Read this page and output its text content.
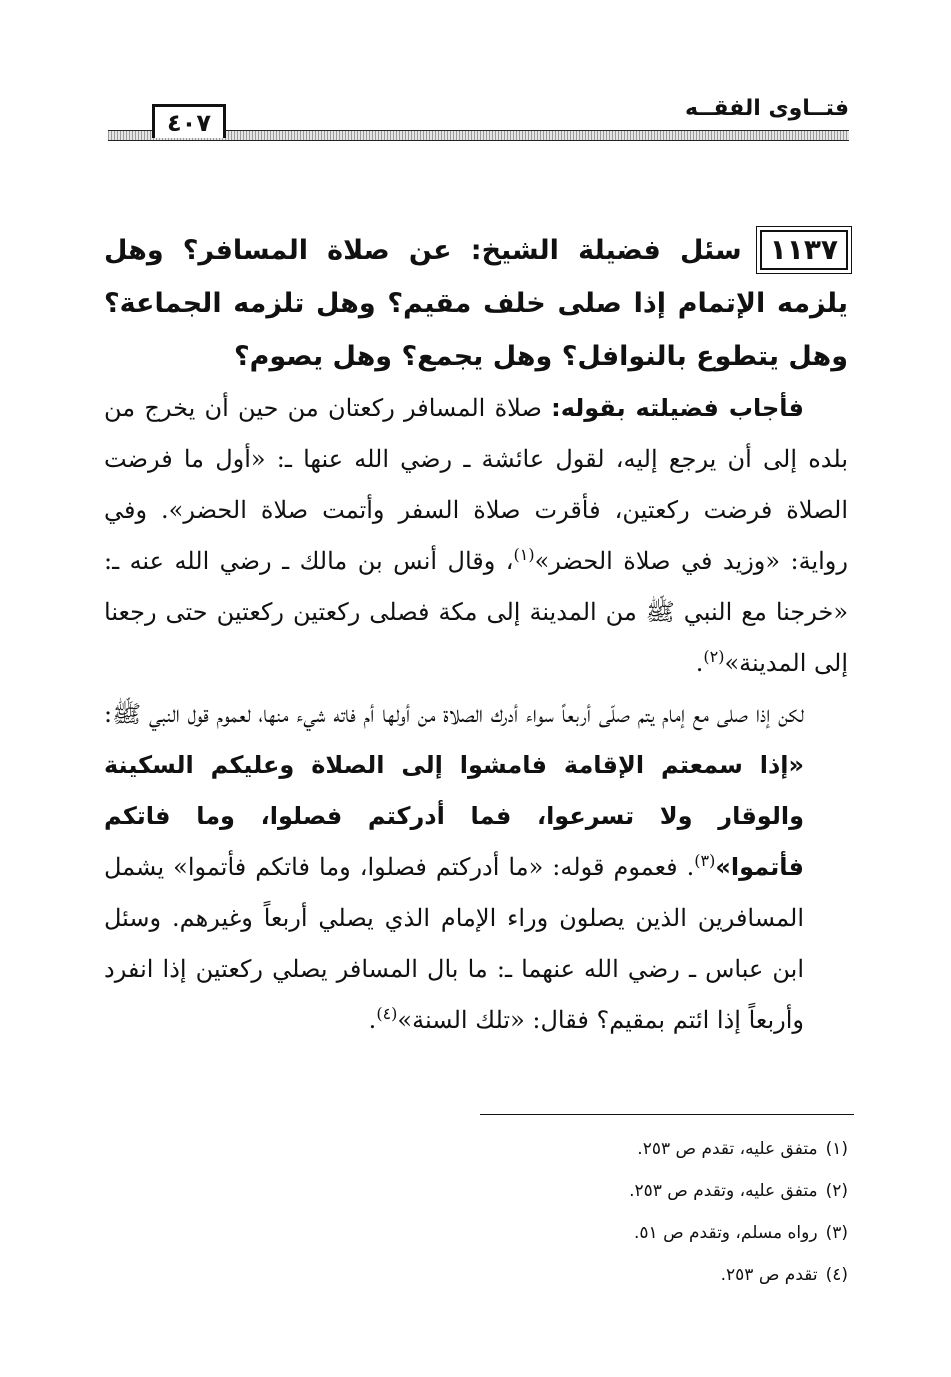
فتــاوى الفقــه
٤٠٧

١١٣٧سئل فضيلة الشيخ: عن صلاة المسافر؟ وهل يلزمه الإتمام إذا صلى خلف مقيم؟ وهل تلزمه الجماعة؟ وهل يتطوع بالنوافل؟ وهل يجمع؟ وهل يصوم؟

فأجاب فضيلته بقوله: صلاة المسافر ركعتان من حين أن يخرج من بلده إلى أن يرجع إليه، لقول عائشة ـ رضي الله عنها ـ: «أول ما فرضت الصلاة فرضت ركعتين، فأقرت صلاة السفر وأتمت صلاة الحضر». وفي رواية: «وزيد في صلاة الحضر»$^{(١)}$، وقال أنس بن مالك ـ رضي الله عنه ـ: «خرجنا مع النبي ﷺ من المدينة إلى مكة فصلى ركعتين ركعتين حتى رجعنا إلى المدينة»$^{(٢)}$.

لكن إذا صلى مع إمام يتم صلّى أربعاً سواء أدرك الصلاة من أولها أم فاته شيء منها، لعموم قول النبي ﷺ: «إذا سمعتم الإقامة فامشوا إلى الصلاة وعليكم السكينة والوقار ولا تسرعوا، فما أدركتم فصلوا، وما فاتكم فأتموا»$^{(٣)}$. فعموم قوله: «ما أدركتم فصلوا، وما فاتكم فأتموا» يشمل المسافرين الذين يصلون وراء الإمام الذي يصلي أربعاً وغيرهم. وسئل ابن عباس ـ رضي الله عنهما ـ: ما بال المسافر يصلي ركعتين إذا انفرد وأربعاً إذا ائتم بمقيم؟ فقال: «تلك السنة»$^{(٤)}$.

(١)متفق عليه، تقدم ص ٢٥٣.
(٢)متفق عليه، وتقدم ص ٢٥٣.
(٣)رواه مسلم، وتقدم ص ٥١.
(٤)تقدم ص ٢٥٣.
